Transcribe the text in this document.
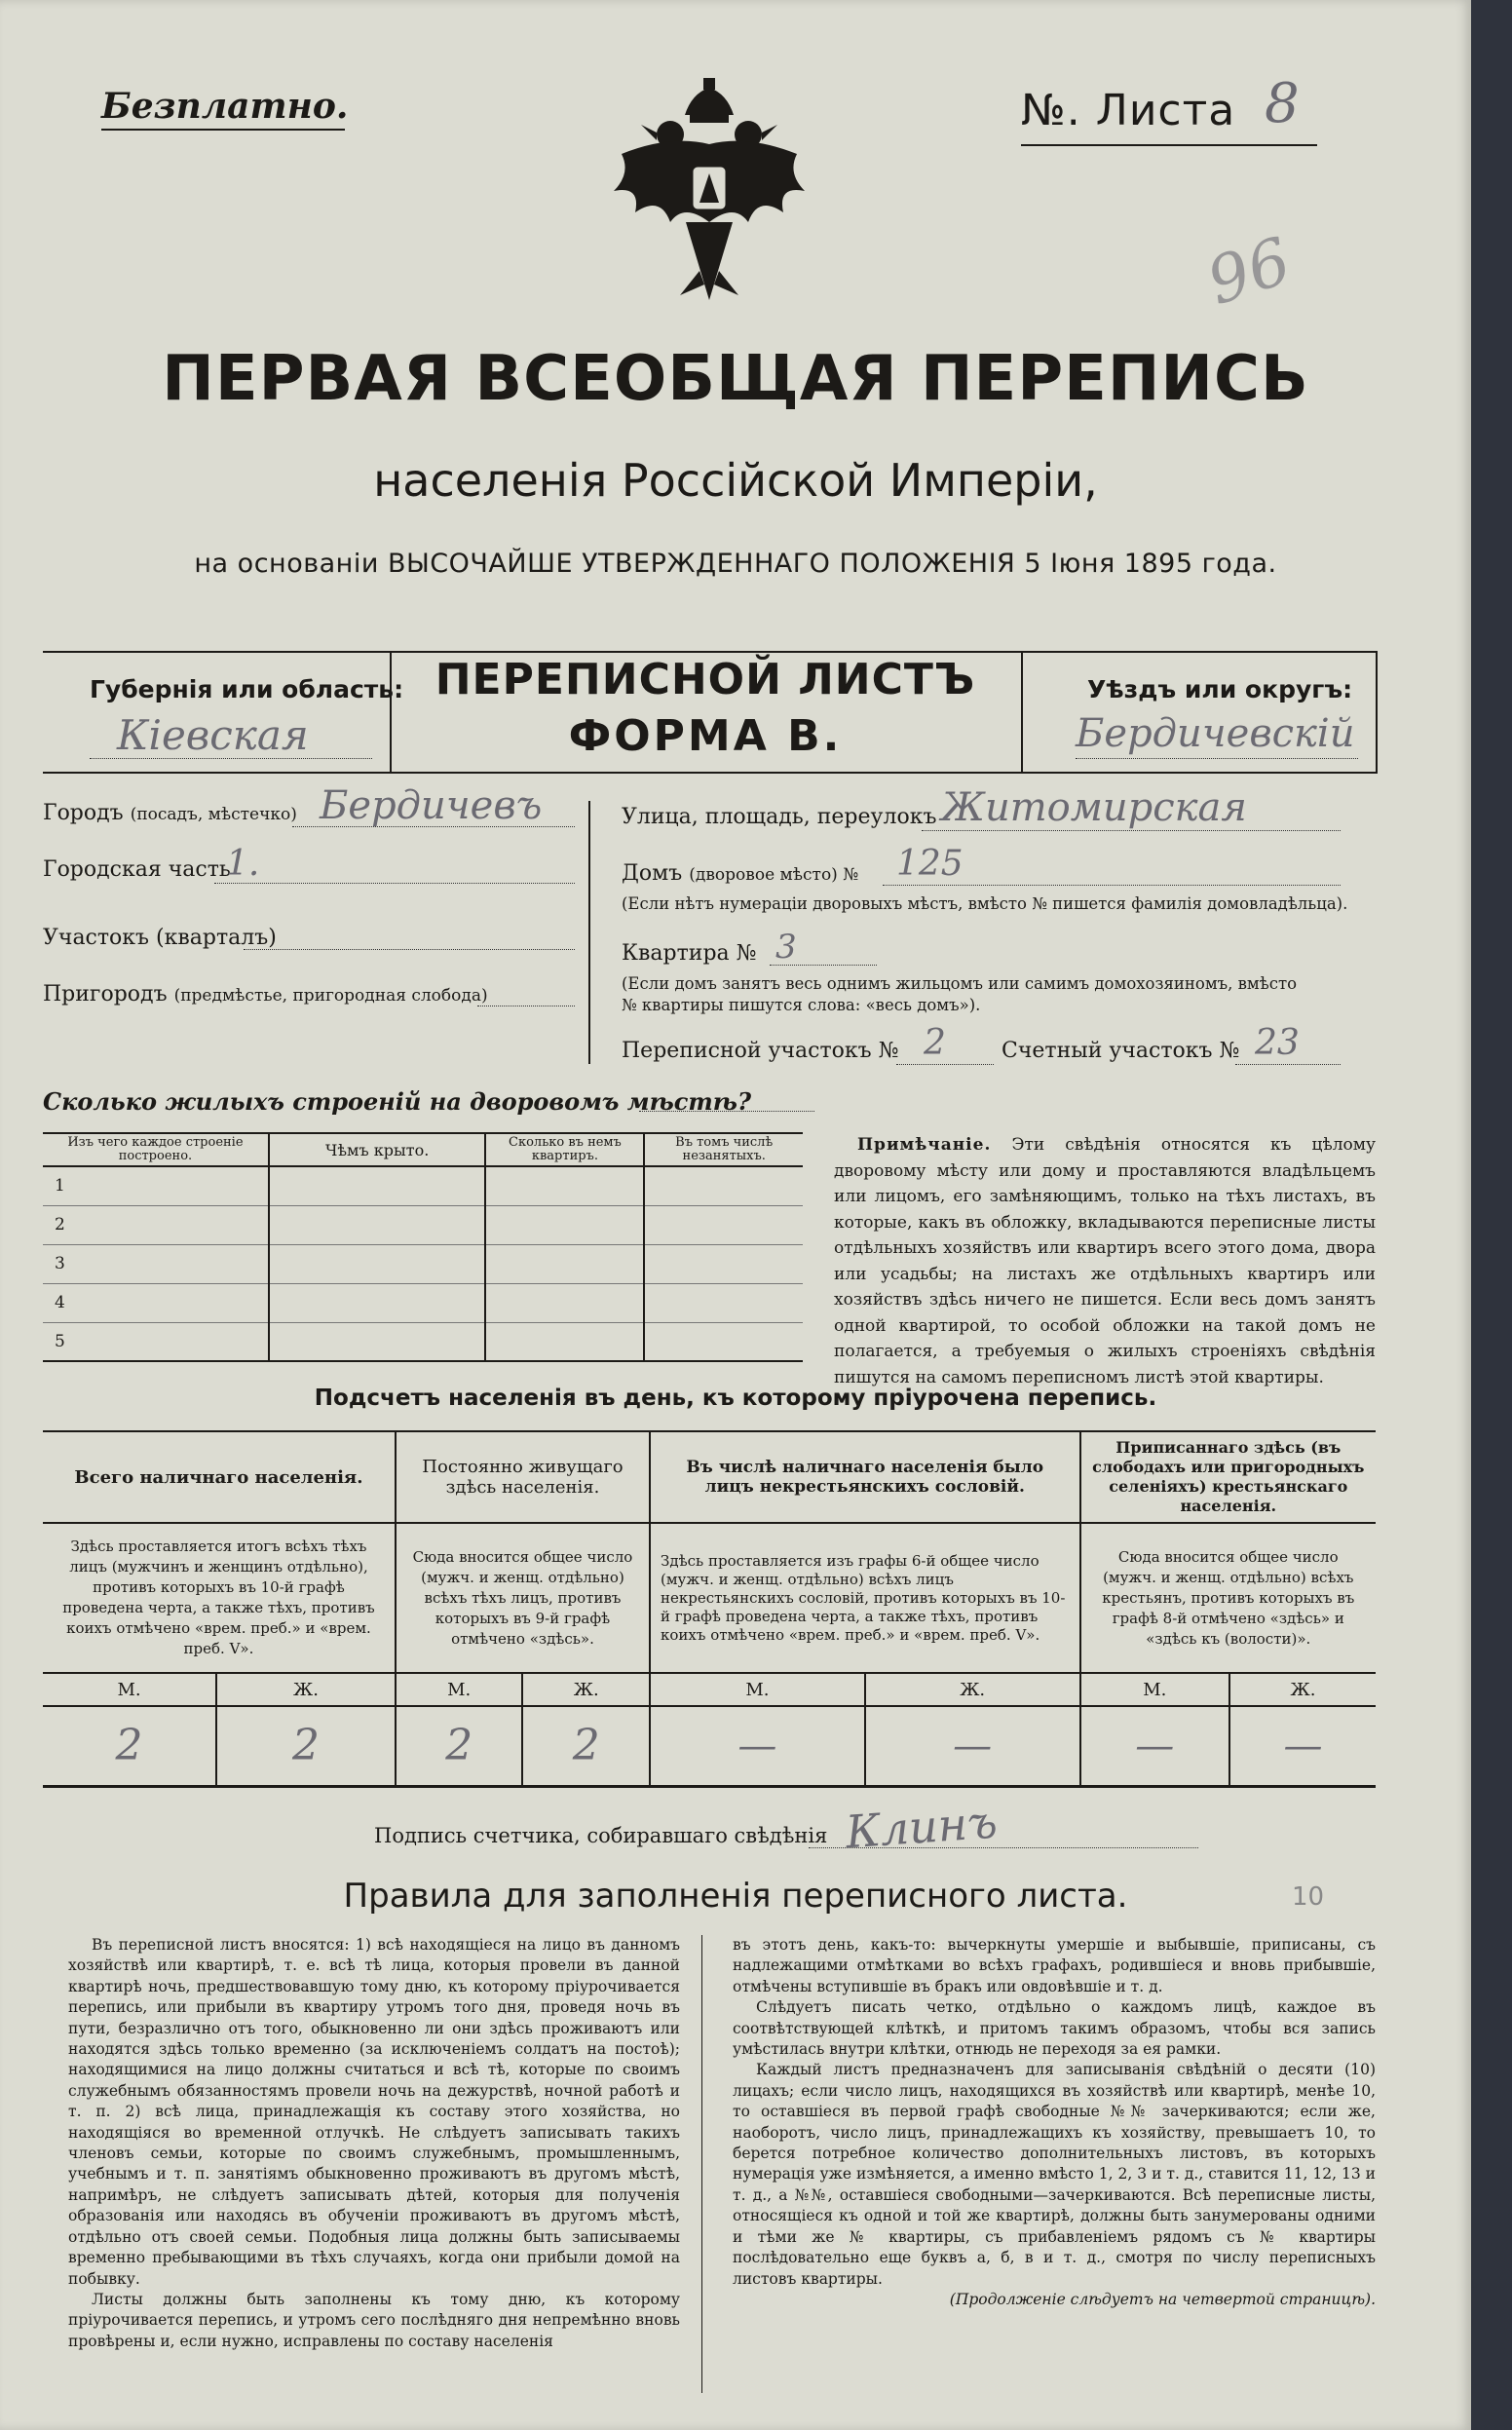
Безплатно.	№. Листа 8
96
ПЕРВАЯ ВСЕОБЩАЯ ПЕРЕПИСЬ
населенія Россійской Имперіи,
на основаніи ВЫСОЧАЙШЕ УТВЕРЖДЕННАГО ПОЛОЖЕНІЯ 5 Іюня 1895 года.
Губернія или область:
Кіевская
ПЕРЕПИСНОЙ ЛИСТЪ
ФОРМА В.
Уѣздъ или округъ:
Бердичевскій
Городъ (посадъ, мѣстечко) Бердичевъ
Городская часть
1.
Участокъ (кварталъ)
Пригородъ (предмѣстье, пригородная слобода)
Улица, площадь, переулокъ Житомирская
Домъ (дворовое мѣсто) № 125
(Если нѣтъ нумераціи дворовыхъ мѣстъ, вмѣсто № пишется фамилія домовладѣльца).
Квартира № 3
(Если домъ занятъ весь однимъ жильцомъ или самимъ домохозяиномъ, вмѣсто
№ квартиры пишутся слова: «весь домъ»).
Переписной участокъ № 2	Счетный участокъ № 23
Сколько жилыхъ строеній на дворовомъ мѣстѣ?
Изъ чего каждое строеніе построено.	Чѣмъ крыто.	Сколько въ немъ квартиръ.	Въ томъ числѣ незанятыхъ.
1			
2			
3			
4			
5			
Примѣчаніе. Эти свѣдѣнія относятся къ цѣлому дворовому мѣсту или дому и проставляются владѣльцемъ или лицомъ, его замѣняющимъ, только на тѣхъ листахъ, въ которые, какъ въ обложку, вкладываются переписные листы отдѣльныхъ хозяйствъ или квартиръ всего этого дома, двора или усадьбы; на листахъ же отдѣльныхъ квартиръ или хозяйствъ здѣсь ничего не пишется. Если весь домъ занятъ одной квартирой, то особой обложки на такой домъ не полагается, а требуемыя о жилыхъ строеніяхъ свѣдѣнія пишутся на самомъ переписномъ листѣ этой квартиры.
Подсчетъ населенія въ день, къ которому пріурочена перепись.
Всего наличнаго населенія.		Постоянно живущаго здѣсь населенія.		Въ числѣ наличнаго населенія было лицъ некрестьянскихъ сословій.		Приписаннаго здѣсь (въ слободахъ или пригородныхъ селеніяхъ) крестьянскаго населенія.	
Здѣсь проставляется итогъ всѣхъ тѣхъ лицъ (мужчинъ и женщинъ отдѣльно), противъ которыхъ въ 10-й графѣ проведена черта, а также тѣхъ, противъ коихъ отмѣчено «врем. преб.» и «врем. преб. V».		Сюда вносится общее число (мужч. и женщ. отдѣльно) всѣхъ тѣхъ лицъ, противъ которыхъ въ 9-й графѣ отмѣчено «здѣсь».		Здѣсь проставляется изъ графы 6-й общее число (мужч. и женщ. отдѣльно) всѣхъ лицъ некрестьянскихъ сословій, противъ которыхъ въ 10-й графѣ проведена черта, а также тѣхъ, противъ коихъ отмѣчено «врем. преб.» и «врем. преб. V».		Сюда вносится общее число (мужч. и женщ. отдѣльно) всѣхъ крестьянъ, противъ которыхъ въ графѣ 8-й отмѣчено «здѣсь» и «здѣсь къ (волости)».	
М.	Ж.	М.	Ж.	М.	Ж.	М.	Ж.
2	2	2	2	—	—	—	—
Подпись счетчика, собиравшаго свѣдѣнія Клинъ
Правила для заполненія переписного листа.	10

Въ переписной листъ вносятся: 1) всѣ находящіеся на лицо въ данномъ хозяйствѣ или квартирѣ, т. е. всѣ тѣ лица, которыя провели въ данной квартирѣ ночь, предшествовавшую тому дню, къ которому пріурочивается перепись, или прибыли въ квартиру утромъ того дня, проведя ночь въ пути, безразлично отъ того, обыкновенно ли они здѣсь проживаютъ или находятся здѣсь только временно (за исключеніемъ солдатъ на постоѣ); находящимися на лицо должны считаться и всѣ тѣ, которые по своимъ служебнымъ обязанностямъ провели ночь на дежурствѣ, ночной работѣ и т. п. 2) всѣ лица, принадлежащія къ составу этого хозяйства, но находящіяся во временной отлучкѣ. Не слѣдуетъ записывать такихъ членовъ семьи, которые по своимъ служебнымъ, промышленнымъ, учебнымъ и т. п. занятіямъ обыкновенно проживаютъ въ другомъ мѣстѣ, напримѣръ, не слѣдуетъ записывать дѣтей, которыя для полученія образованія или находясь въ обученіи проживаютъ въ другомъ мѣстѣ, отдѣльно отъ своей семьи. Подобныя лица должны быть записываемы временно пребывающими въ тѣхъ случаяхъ, когда они прибыли домой на побывку.

Листы должны быть заполнены къ тому дню, къ которому пріурочивается перепись, и утромъ сего послѣдняго дня непремѣнно вновь провѣрены и, если нужно, исправлены по составу населенія

въ этотъ день, какъ-то: вычеркнуты умершіе и выбывшіе, приписаны, съ надлежащими отмѣтками во всѣхъ графахъ, родившіеся и вновь прибывшіе, отмѣчены вступившіе въ бракъ или овдовѣвшіе и т. д.

Слѣдуетъ писать четко, отдѣльно о каждомъ лицѣ, каждое въ соотвѣтствующей клѣткѣ, и притомъ такимъ образомъ, чтобы вся запись умѣстилась внутри клѣтки, отнюдь не переходя за ея рамки.

Каждый листъ предназначенъ для записыванія свѣдѣній о десяти (10) лицахъ; если число лицъ, находящихся въ хозяйствѣ или квартирѣ, менѣе 10, то оставшіеся въ первой графѣ свободные №№ зачеркиваются; если же, наоборотъ, число лицъ, принадлежащихъ къ хозяйству, превышаетъ 10, то берется потребное количество дополнительныхъ листовъ, въ которыхъ нумерація уже измѣняется, а именно вмѣсто 1, 2, 3 и т. д., ставится 11, 12, 13 и т. д., а №№, оставшіеся свободными—зачеркиваются. Всѣ переписные листы, относящіеся къ одной и той же квартирѣ, должны быть занумерованы одними и тѣми же № квартиры, съ прибавленіемъ рядомъ съ № квартиры послѣдовательно еще буквъ а, б, в и т. д., смотря по числу переписныхъ листовъ квартиры.

(Продолженіе слѣдуетъ на четвертой страницѣ).
